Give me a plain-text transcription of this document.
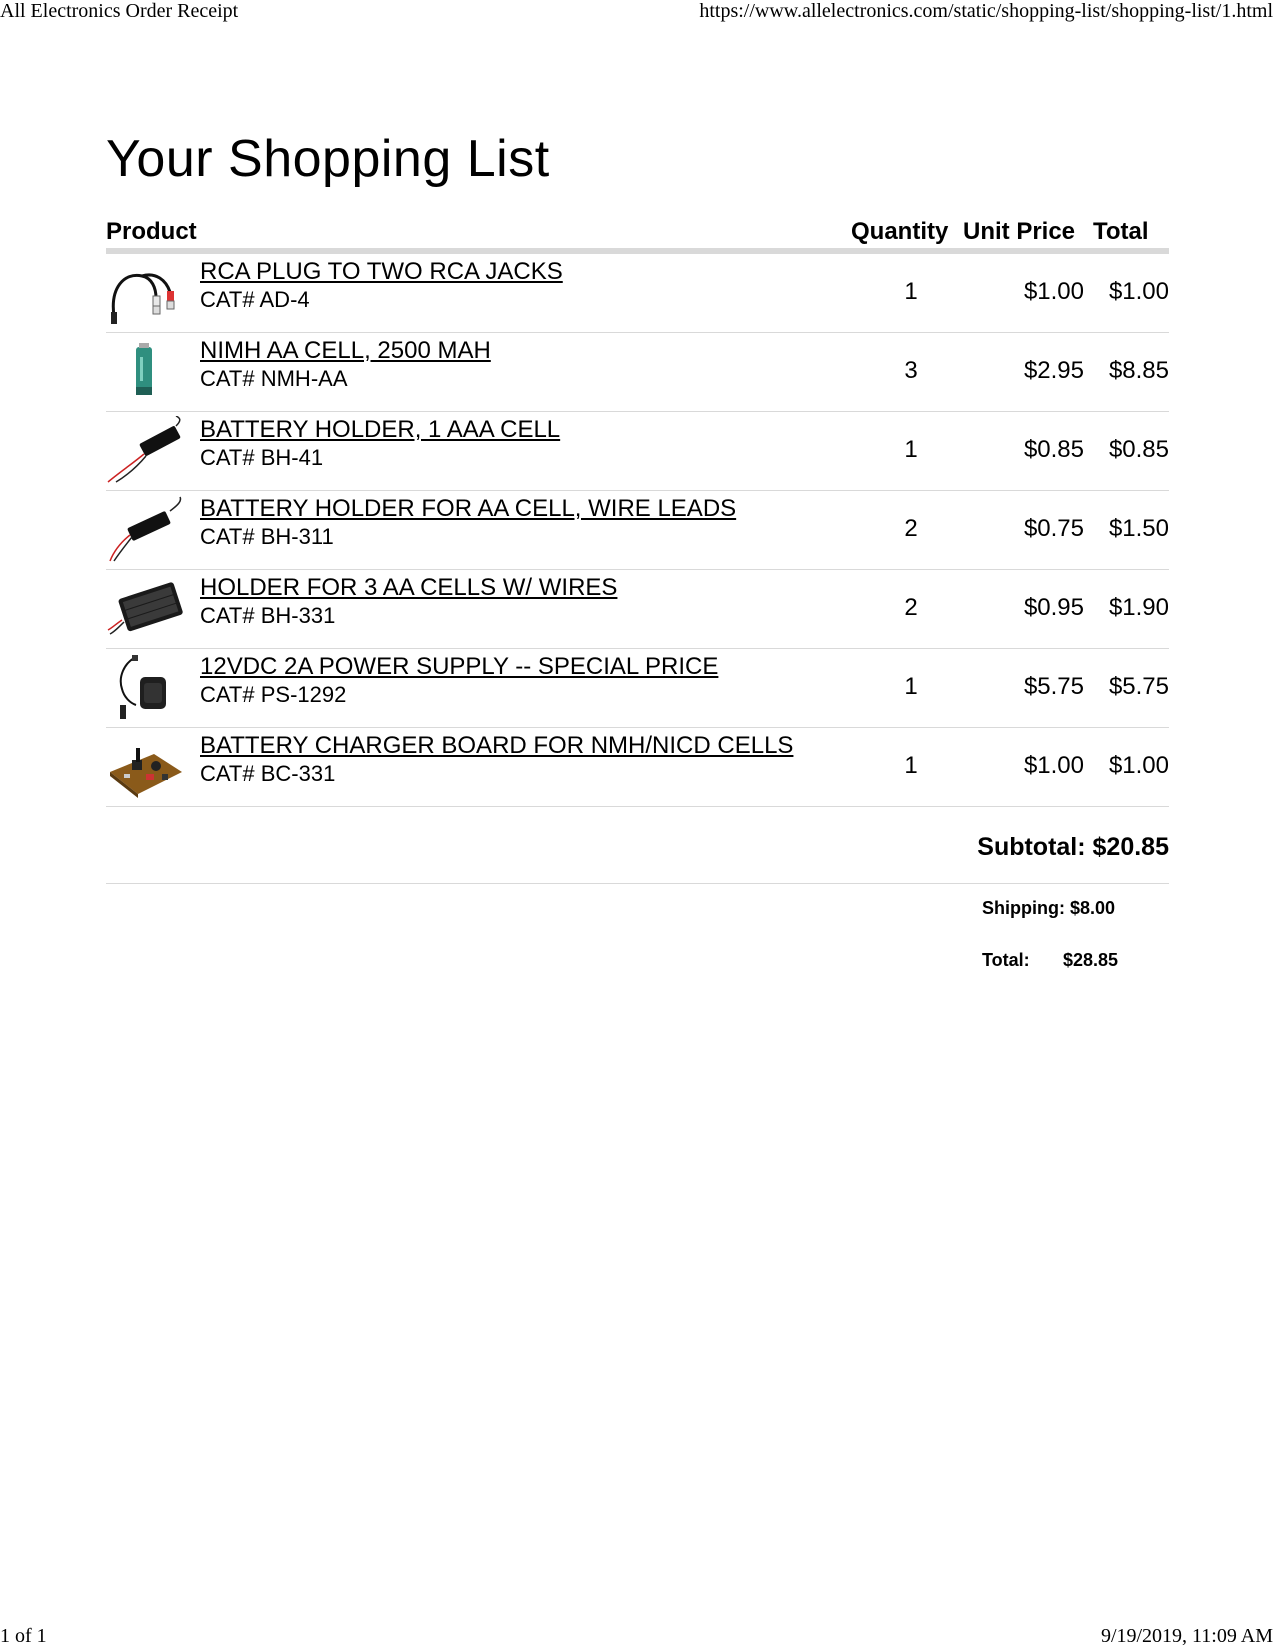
All Electronics Order Receipt	https://www.allelectronics.com/static/shopping-list/shopping-list/1.html
Your Shopping List
Product	Quantity Unit Price Total
RCA PLUG TO TWO RCA JACKS
CAT# AD-4	1	$1.00 $1.00
NIMH AA CELL, 2500 MAH
CAT# NMH-AA	3	$2.95 $8.85
BATTERY HOLDER, 1 AAA CELL
CAT# BH-41	1	$0.85 $0.85
BATTERY HOLDER FOR AA CELL, WIRE LEADS
CAT# BH-311	2	$0.75 $1.50
HOLDER FOR 3 AA CELLS W/ WIRES
CAT# BH-331	2	$0.95 $1.90
12VDC 2A POWER SUPPLY -- SPECIAL PRICE
CAT# PS-1292	1	$5.75 $5.75
BATTERY CHARGER BOARD FOR NMH/NICD CELLS
CAT# BC-331	1	$1.00 $1.00
Subtotal: $20.85
Shipping: $8.00
Total: $28.85
1 of 1	9/19/2019, 11:09 AM
